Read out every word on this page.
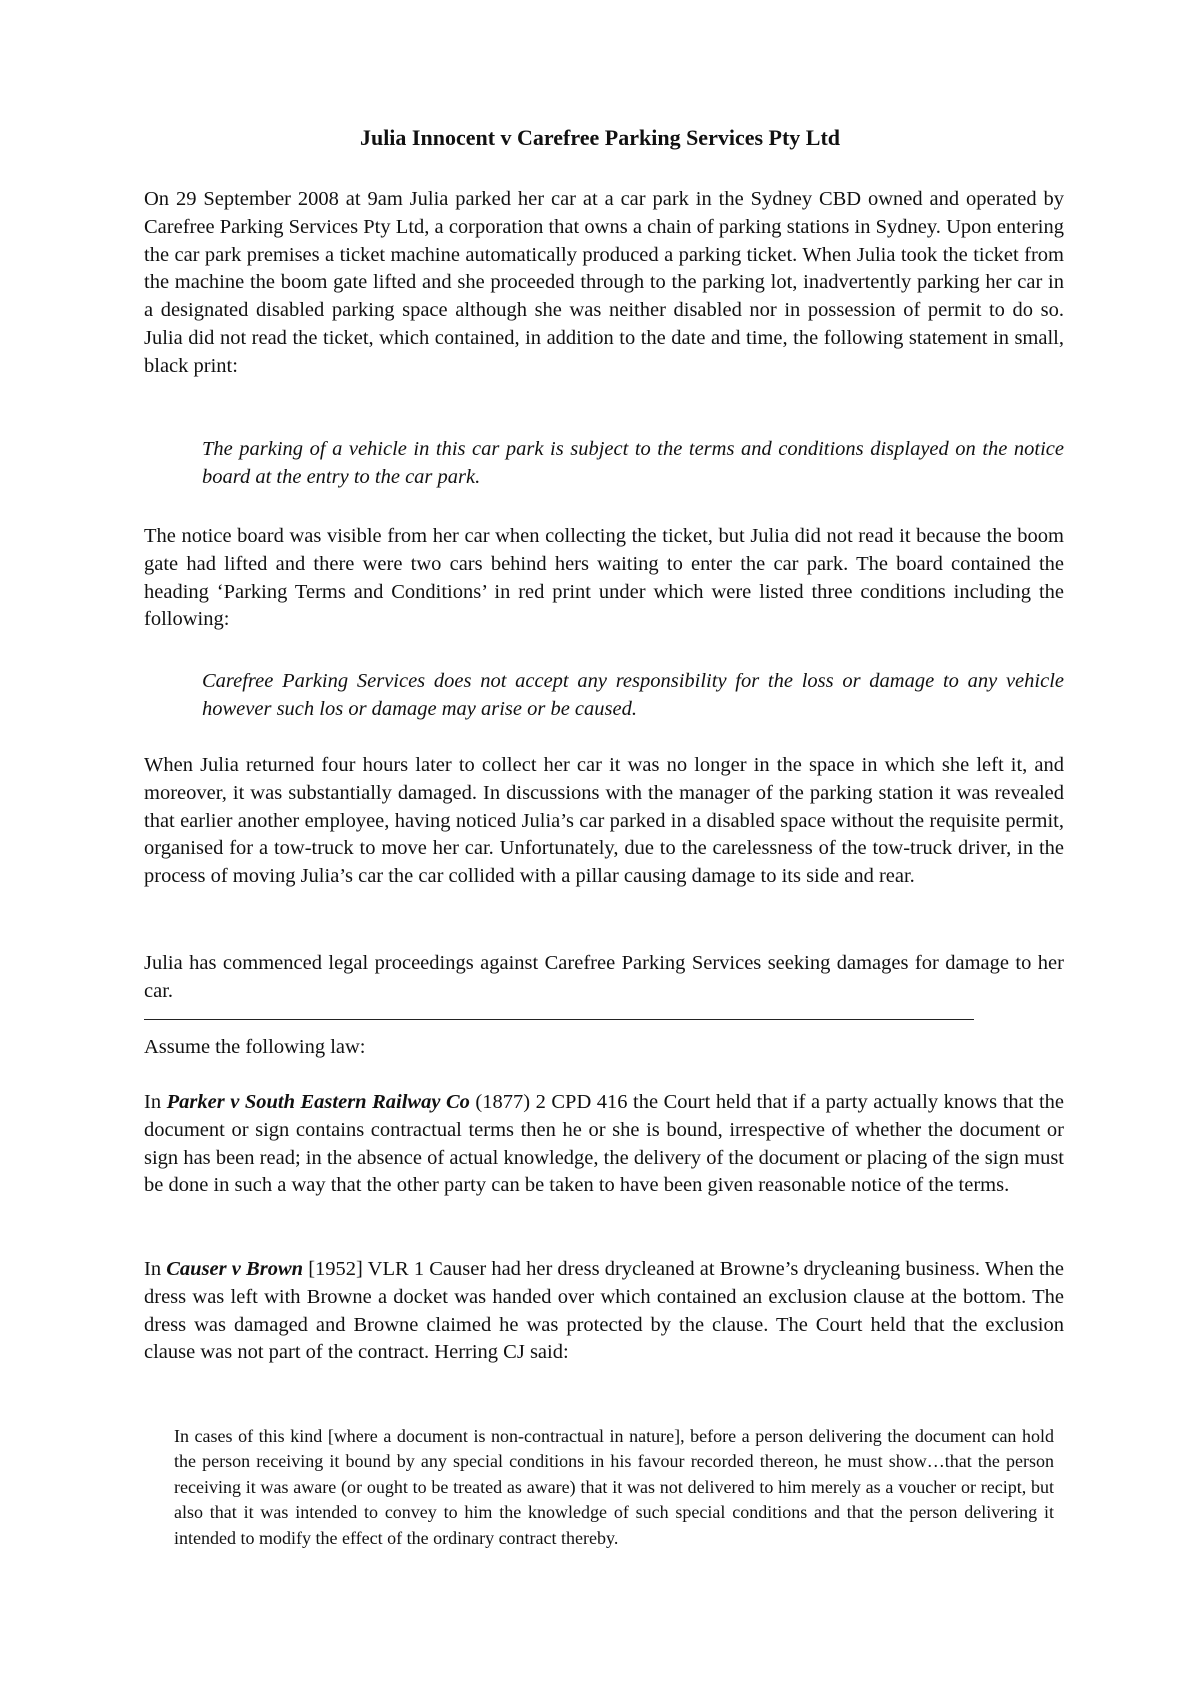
Julia Innocent v Carefree Parking Services Pty Ltd

On 29 September 2008 at 9am Julia parked her car at a car park in the Sydney CBD owned and operated by Carefree Parking Services Pty Ltd, a corporation that owns a chain of parking stations in Sydney. Upon entering the car park premises a ticket machine automatically produced a parking ticket. When Julia took the ticket from the machine the boom gate lifted and she proceeded through to the parking lot, inadvertently parking her car in a designated disabled parking space although she was neither disabled nor in possession of permit to do so. Julia did not read the ticket, which contained, in addition to the date and time, the following statement in small, black print:

The parking of a vehicle in this car park is subject to the terms and conditions displayed on the notice board at the entry to the car park.

The notice board was visible from her car when collecting the ticket, but Julia did not read it because the boom gate had lifted and there were two cars behind hers waiting to enter the car park. The board contained the heading ‘Parking Terms and Conditions’ in red print under which were listed three conditions including the following:

Carefree Parking Services does not accept any responsibility for the loss or damage to any vehicle however such los or damage may arise or be caused.

When Julia returned four hours later to collect her car it was no longer in the space in which she left it, and moreover, it was substantially damaged. In discussions with the manager of the parking station it was revealed that earlier another employee, having noticed Julia’s car parked in a disabled space without the requisite permit, organised for a tow-truck to move her car. Unfortunately, due to the carelessness of the tow-truck driver, in the process of moving Julia’s car the car collided with a pillar causing damage to its side and rear.

Julia has commenced legal proceedings against Carefree Parking Services seeking damages for damage to her car.

Assume the following law:

In Parker v South Eastern Railway Co (1877) 2 CPD 416 the Court held that if a party actually knows that the document or sign contains contractual terms then he or she is bound, irrespective of whether the document or sign has been read; in the absence of actual knowledge, the delivery of the document or placing of the sign must be done in such a way that the other party can be taken to have been given reasonable notice of the terms.

In Causer v Brown [1952] VLR 1 Causer had her dress drycleaned at Browne’s drycleaning business. When the dress was left with Browne a docket was handed over which contained an exclusion clause at the bottom. The dress was damaged and Browne claimed he was protected by the clause. The Court held that the exclusion clause was not part of the contract. Herring CJ said:

In cases of this kind [where a document is non-contractual in nature], before a person delivering the document can hold the person receiving it bound by any special conditions in his favour recorded thereon, he must show…that the person receiving it was aware (or ought to be treated as aware) that it was not delivered to him merely as a voucher or recipt, but also that it was intended to convey to him the knowledge of such special conditions and that the person delivering it intended to modify the effect of the ordinary contract thereby.
